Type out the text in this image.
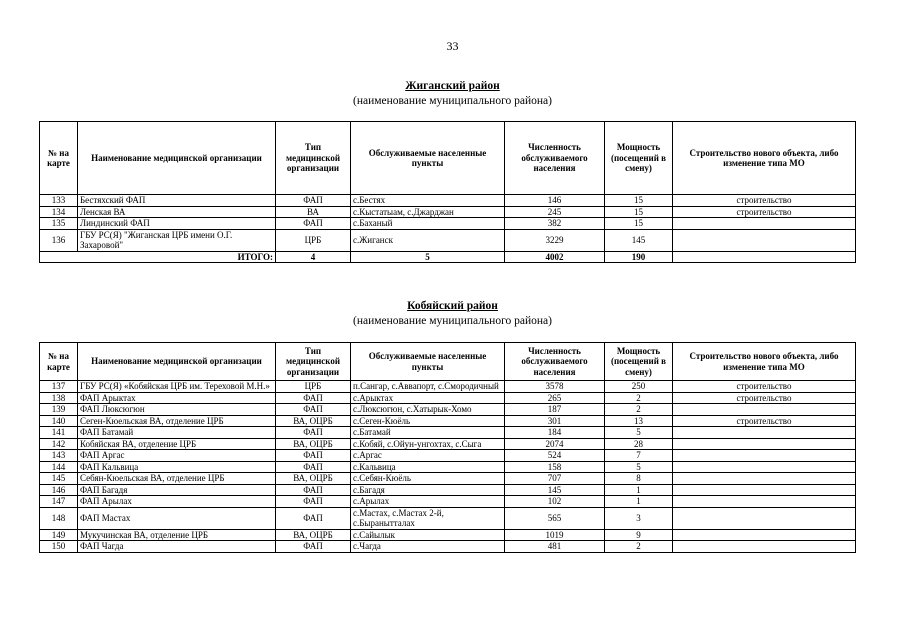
33
Жиганский район
(наименование муниципального района)
№ на карте	Наименование медицинской организации	Тип медицинской организации	Обслуживаемые населенные пункты	Численность обслуживаемого населения	Мощность (посещений в смену)	Строительство нового объекта, либо изменение типа МО
133	Бестяхский ФАП	ФАП	с.Бестях	146	15	строительство
134	Ленская ВА	ВА	с.Кыстатыам, с.Джарджан	245	15	строительство
135	Линдинский ФАП	ФАП	с.Баханый	382	15	
136	ГБУ РС(Я) "Жиганская ЦРБ имени О.Г. Захаровой"	ЦРБ	с.Жиганск	3229	145	
ИТОГО:		4	5	4002	190	
Кобяйский район
(наименование муниципального района)
№ на карте	Наименование медицинской организации	Тип медицинской организации	Обслуживаемые населенные пункты	Численность обслуживаемого населения	Мощность (посещений в смену)	Строительство нового объекта, либо изменение типа МО
137	ГБУ РС(Я) «Кобяйская ЦРБ им. Тереховой М.Н.»	ЦРБ	п.Сангар, с.Аввапорт, с.Смородичный	3578	250	строительство
138	ФАП Арыктах	ФАП	с.Арыктах	265	2	строительство
139	ФАП Люксюгюн	ФАП	с.Люксюгюн, с.Хатырык-Хомо	187	2	
140	Сеген-Кюельская ВА, отделение ЦРБ	ВА, ОЦРБ	с.Сеген-Кюёль	301	13	строительство
141	ФАП Батамай	ФАП	с.Батамай	184	5	
142	Кобяйская ВА, отделение ЦРБ	ВА, ОЦРБ	с.Кобяй, с.Ойун-унгохтах, с.Сыга	2074	28	
143	ФАП Аргас	ФАП	с.Аргас	524	7	
144	ФАП Кальвица	ФАП	с.Кальвица	158	5	
145	Себян-Кюельская ВА, отделение ЦРБ	ВА, ОЦРБ	с.Себян-Кюёль	707	8	
146	ФАП Багадя	ФАП	с.Багадя	145	1	
147	ФАП Арылах	ФАП	с.Арылах	102	1	
148	ФАП Мастах	ФАП	с.Мастах, с.Мастах 2-й, с.Быранытталах	565	3	
149	Мукучинская ВА, отделение ЦРБ	ВА, ОЦРБ	с.Сайылык	1019	9	
150	ФАП Чагда	ФАП	с.Чагда	481	2	
